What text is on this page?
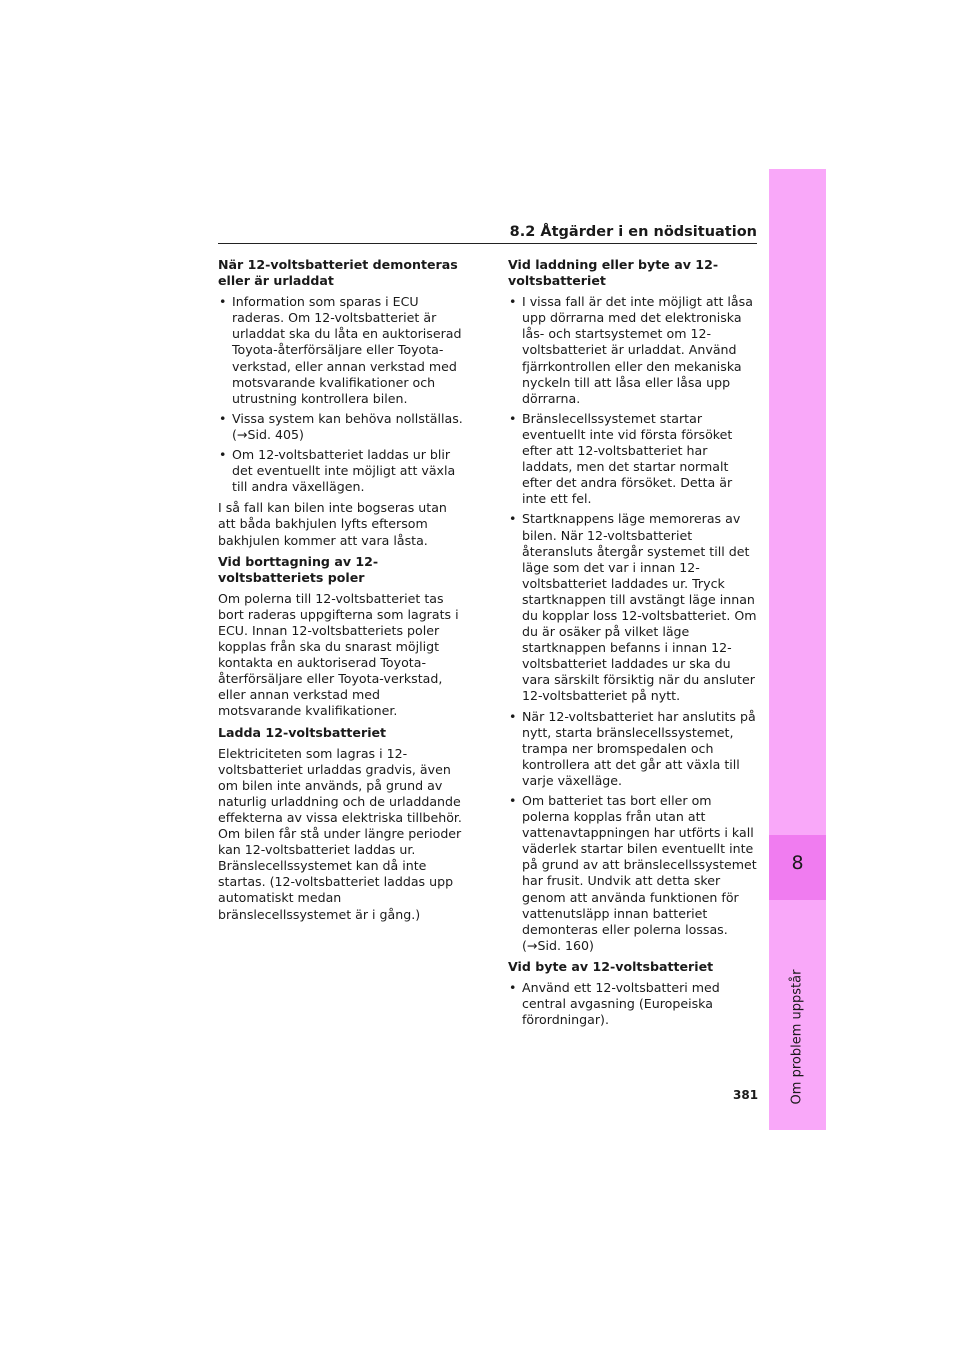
8
Om problem uppstår
8.2 Åtgärder i en nödsituation
När 12-voltsbatteriet demonteras eller är urladdat
• Information som sparas i ECU raderas. Om 12-voltsbatteriet är urladdat ska du låta en auktoriserad Toyota-återförsäljare eller Toyota-verkstad, eller annan verkstad med motsvarande kvalifikationer och utrustning kontrollera bilen.
• Vissa system kan behöva nollställas. (→Sid. 405)
• Om 12-voltsbatteriet laddas ur blir det eventuellt inte möjligt att växla till andra växellägen.

I så fall kan bilen inte bogseras utan att båda bakhjulen lyfts eftersom bakhjulen kommer att vara låsta.

Vid borttagning av 12-voltsbatteriets poler

Om polerna till 12-voltsbatteriet tas bort raderas uppgifterna som lagrats i ECU. Innan 12-voltsbatteriets poler kopplas från ska du snarast möjligt kontakta en auktoriserad Toyota-återförsäljare eller Toyota-verkstad, eller annan verkstad med motsvarande kvalifikationer.

Ladda 12-voltsbatteriet

Elektriciteten som lagras i 12-voltsbatteriet urladdas gradvis, även om bilen inte används, på grund av naturlig urladdning och de urladdande effekterna av vissa elektriska tillbehör. Om bilen får stå under längre perioder kan 12-voltsbatteriet laddas ur. Bränslecellssystemet kan då inte startas. (12-voltsbatteriet laddas upp automatiskt medan bränslecellssystemet är i gång.)

Vid laddning eller byte av 12-voltsbatteriet
• I vissa fall är det inte möjligt att låsa upp dörrarna med det elektroniska lås- och startsystemet om 12-voltsbatteriet är urladdat. Använd fjärrkontrollen eller den mekaniska nyckeln till att låsa eller låsa upp dörrarna.
• Bränslecellssystemet startar eventuellt inte vid första försöket efter att 12-voltsbatteriet har laddats, men det startar normalt efter det andra försöket. Detta är inte ett fel.
• Startknappens läge memoreras av bilen. När 12-voltsbatteriet återansluts återgår systemet till det läge som det var i innan 12-voltsbatteriet laddades ur. Tryck startknappen till avstängt läge innan du kopplar loss 12-voltsbatteriet. Om du är osäker på vilket läge startknappen befanns i innan 12-voltsbatteriet laddades ur ska du vara särskilt försiktig när du ansluter 12-voltsbatteriet på nytt.
• När 12-voltsbatteriet har anslutits på nytt, starta bränslecellssystemet, trampa ner bromspedalen och kontrollera att det går att växla till varje växelläge.
• Om batteriet tas bort eller om polerna kopplas från utan att vattenavtappningen har utförts i kall väderlek startar bilen eventuellt inte på grund av att bränslecellssystemet har frusit. Undvik att detta sker genom att använda funktionen för vattenutsläpp innan batteriet demonteras eller polerna lossas. (→Sid. 160)
Vid byte av 12-voltsbatteriet
• Använd ett 12-voltsbatteri med central avgasning (Europeiska förordningar).
381
